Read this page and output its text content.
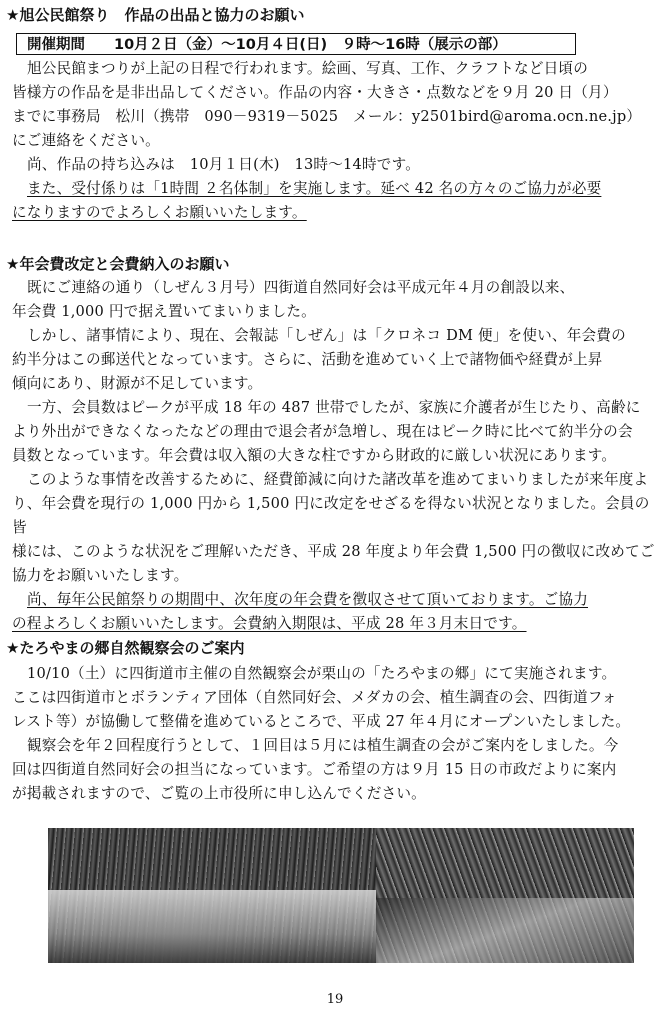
★旭公民館祭り　作品の出品と協力のお願い
開催期間　　10月２日（金）〜10月４日(日)　９時〜16時（展示の部）

旭公民館まつりが上記の日程で行われます。絵画、写真、工作、クラフトなど日頃の

皆様方の作品を是非出品してください。作品の内容・大きさ・点数などを９月 20 日（月）

までに事務局　松川（携帯　090－9319－5025　メール：y2501bird@aroma.ocn.ne.jp）

にご連絡をください。

尚、作品の持ち込みは　10月１日(木)　13時〜14時です。

また、受付係りは「1時間 ２名体制」を実施します。延べ 42 名の方々のご協力が必要

になりますのでよろしくお願いいたします。

★年会費改定と会費納入のお願い

既にご連絡の通り（しぜん３月号）四街道自然同好会は平成元年４月の創設以来、

年会費 1,000 円で据え置いてまいりました。

しかし、諸事情により、現在、会報誌「しぜん」は「クロネコ DM 便」を使い、年会費の

約半分はこの郵送代となっています。さらに、活動を進めていく上で諸物価や経費が上昇

傾向にあり、財源が不足しています。

一方、会員数はピークが平成 18 年の 487 世帯でしたが、家族に介護者が生じたり、高齢に

より外出ができなくなったなどの理由で退会者が急増し、現在はピーク時に比べて約半分の会

員数となっています。年会費は収入額の大きな柱ですから財政的に厳しい状況にあります。

このような事情を改善するために、経費節減に向けた諸改革を進めてまいりましたが来年度よ

り、年会費を現行の 1,000 円から 1,500 円に改定をせざるを得ない状況となりました。会員の皆

様には、このような状況をご理解いただき、平成 28 年度より年会費 1,500 円の徴収に改めてご

協力をお願いいたします。

尚、毎年公民館祭りの期間中、次年度の年会費を徴収させて頂いております。ご協力

の程よろしくお願いいたします。会費納入期限は、平成 28 年３月末日です。

★たろやまの郷自然観察会のご案内

10/10（土）に四街道市主催の自然観察会が栗山の「たろやまの郷」にて実施されます。

ここは四街道市とボランティア団体（自然同好会、メダカの会、植生調査の会、四街道フォ

レスト等）が協働して整備を進めているところで、平成 27 年４月にオープンいたしました。

観察会を年２回程度行うとして、１回目は５月には植生調査の会がご案内をしました。今

回は四街道自然同好会の担当になっています。ご希望の方は９月 15 日の市政だよりに案内

が掲載されますので、ご覧の上市役所に申し込んでください。

19
